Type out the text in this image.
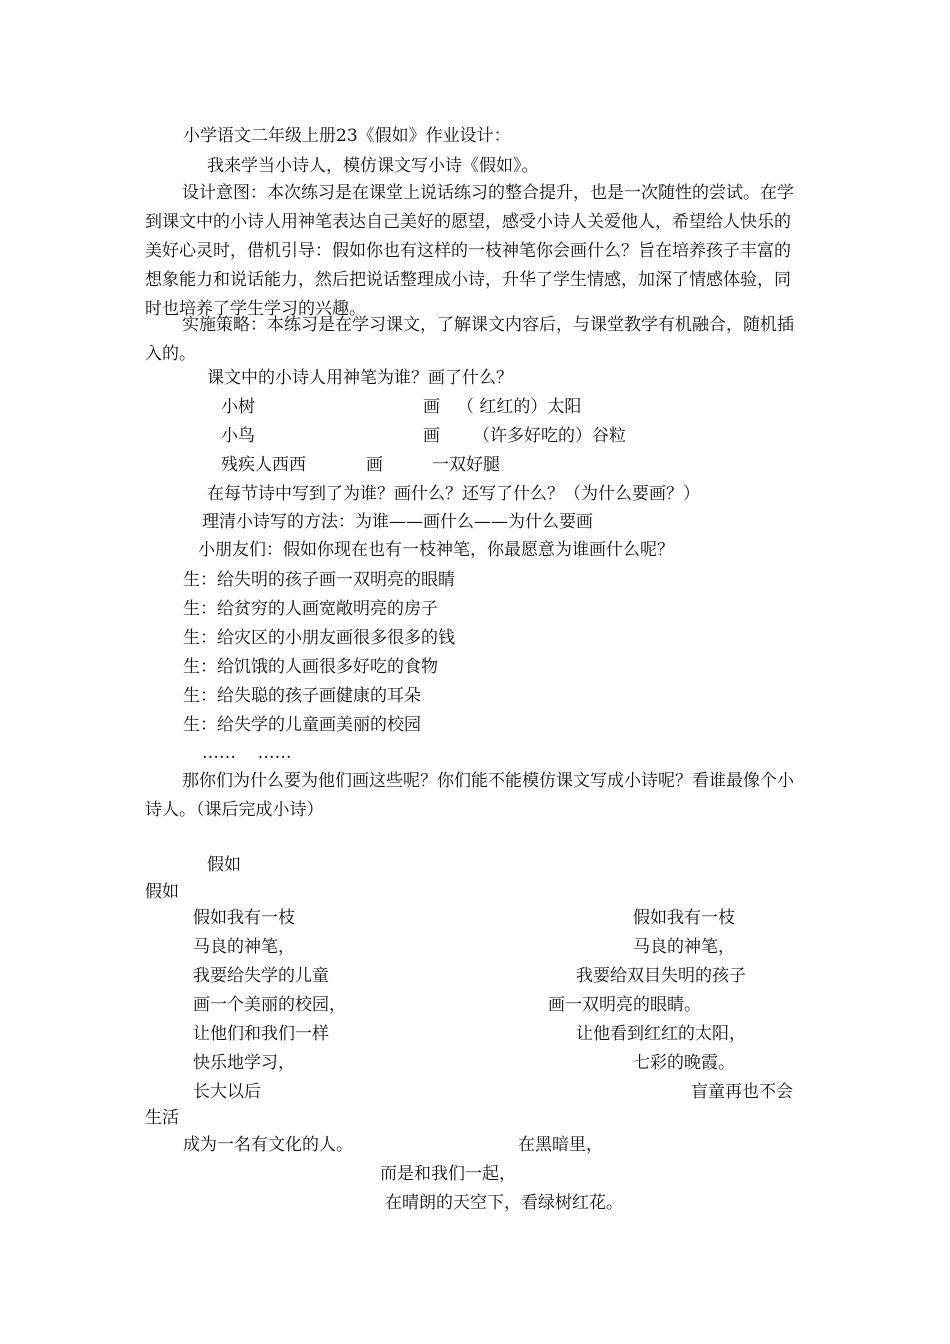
小学语文二年级上册23《假如》作业设计：
我来学当小诗人，模仿课文写小诗《假如》。
设计意图：本次练习是在课堂上说话练习的整合提升，也是一次随性的尝试。在学到课文中的小诗人用神笔表达自己美好的愿望，感受小诗人关爱他人，希望给人快乐的美好心灵时，借机引导：假如你也有这样的一枝神笔你会画什么？旨在培养孩子丰富的想象能力和说话能力，然后把说话整理成小诗，升华了学生情感，加深了情感体验，同时也培养了学生学习的兴趣。
实施策略：本练习是在学习课文，了解课文内容后，与课堂教学有机融合，随机插入的。
课文中的小诗人用神笔为谁？画了什么？
小树	画 （ 红红的）太阳
小鸟	画 （许多好吃的）谷粒
残疾人西西	画	一双好腿
在每节诗中写到了为谁？画什么？还写了什么？（为什么要画？）
理清小诗写的方法：为谁——画什么——为什么要画
小朋友们：假如你现在也有一枝神笔，你最愿意为谁画什么呢？
生：给失明的孩子画一双明亮的眼睛
生：给贫穷的人画宽敞明亮的房子
生：给灾区的小朋友画很多很多的钱
生：给饥饿的人画很多好吃的食物
生：给失聪的孩子画健康的耳朵
生：给失学的儿童画美丽的校园
……    ……
那你们为什么要为他们画这些呢？你们能不能模仿课文写成小诗呢？看谁最像个小诗人。（课后完成小诗）
假如
假如
假如我有一枝
马良的神笔，
我要给失学的儿童
画一个美丽的校园，
让他们和我们一样
快乐地学习，
长大以后
生活
成为一名有文化的人。
假如我有一枝
马良的神笔，
我要给双目失明的孩子
画一双明亮的眼睛。
让他看到红红的太阳，
七彩的晚霞。
盲童再也不会
在黑暗里，
而是和我们一起，
在晴朗的天空下，看绿树红花。
